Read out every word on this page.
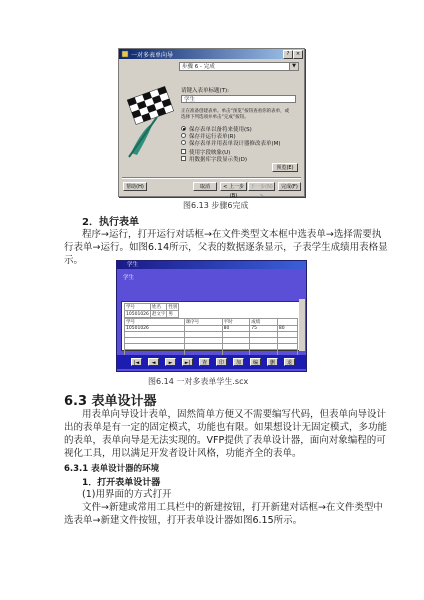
一对多表单向导	×
?
步骤 6 - 完成	▼
请键入表单标题(T):
学生
正在准备创建表单。单击“预览”按钮查看你的表单，或
选择下列选项并单击“完成”按钮。
保存表单以备将来使用(S)
保存并运行表单(R)
保存表单并用表单设计器修改表单(M)
使用字段映象(U)
用数据库字段显示类(D)
预览(E)
帮助(H)	取消	< 上一步(B)
下一步(N) >
完成(F)
图6.13 步骤6完成
2．执行表单
程序→运行，打开运行对话框→在文件类型文本框中选表单→选择需要执
行表单→运行。如图6.14所示，父表的数据逐条显示，子表学生成绩用表格显
示。	学生
学生
学号	姓名	性别
10501026	赵文宇	男
学号	课序号	平时	成绩	
10501026		80	75	80

|◄	◄	►	►|	查	印	加	编	删	退
图6.14 一对多表单学生.scx
6.3 表单设计器
用表单向导设计表单，固然简单方便又不需要编写代码，但表单向导设计
出的表单是有一定的固定模式，功能也有限。如果想设计无固定模式，多功能
的表单，表单向导是无法实现的。VFP提供了表单设计器，面向对象编程的可
视化工具，用以满足开发者设计风格，功能齐全的表单。
6.3.1 表单设计器的环境
1．打开表单设计器
(1)用界面的方式打开
文件→新建或常用工具栏中的新建按钮，打开新建对话框→在文件类型中
选表单→新建文件按钮，打开表单设计器如图6.15所示。
